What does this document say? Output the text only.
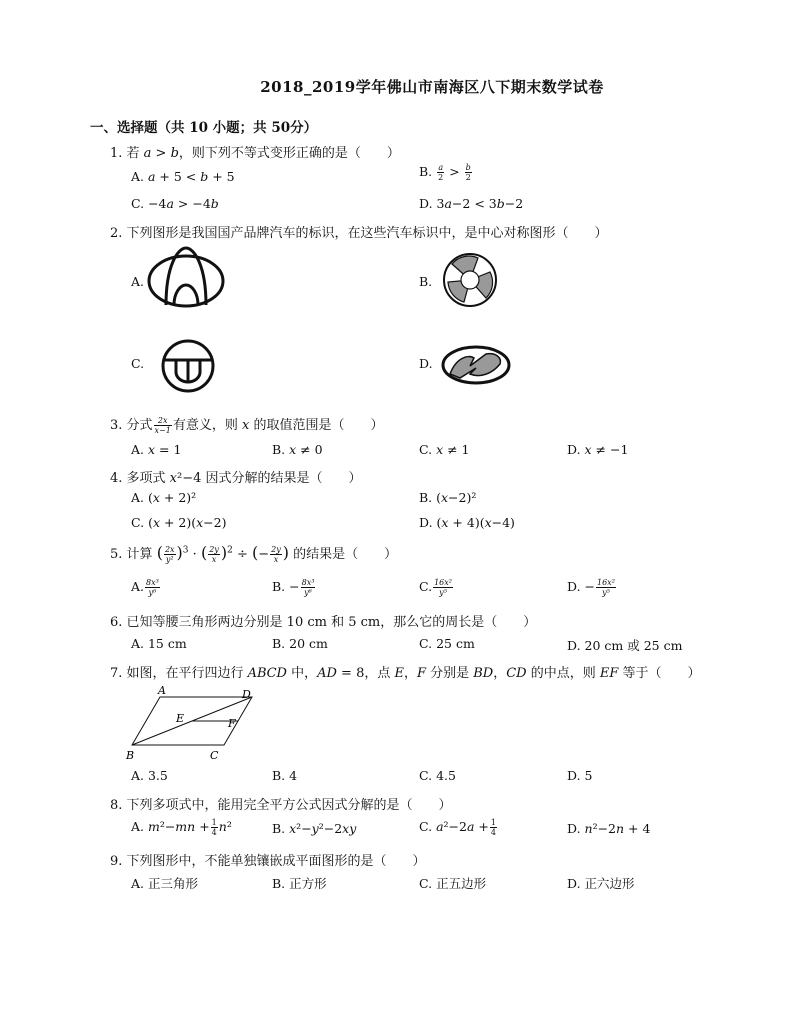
2018_2019学年佛山市南海区八下期末数学试卷
一、选择题（共 10 小题；共 50分）
1. 若 𝑎 > 𝑏，则下列不等式变形正确的是（　　）
A. 𝑎 + 5 < 𝑏 + 5	B. $\frac{\text{𝑎}}{2} > \frac{\text{𝑏}}{2}$
C. −4𝑎 > −4𝑏	D. 3𝑎−2 < 3𝑏−2
2. 下列图形是我国国产品牌汽车的标识，在这些汽车标识中，是中心对称图形（　　）
A.	B.
C.	D.
3. 分式 $\frac{\text{2𝑥}}{\text{𝑥−1}}$ 有意义，则 𝑥 的取值范围是（　　）
A. 𝑥 = 1	B. 𝑥 ≠ 0	C. 𝑥 ≠ 1	D. 𝑥 ≠ −1
4. 多项式 𝑥²−4 因式分解的结果是（　　）
A. (𝑥 + 2)²	B. (𝑥−2)²
C. (𝑥 + 2)(𝑥−2)	D. (𝑥 + 4)(𝑥−4)
5. 计算 ( $\frac{\text{2𝑥}}{\text{𝑦²}} )^3$ · ( $\frac{\text{2𝑦}}{\text{𝑥}} )^2$ ÷ (− $\frac{\text{2𝑦}}{\text{𝑥}}$ ) 的结果是（　　）
A. $\frac{\text{8𝑥³}}{\text{𝑦⁶}}$	B. − $\frac{\text{8𝑥³}}{\text{𝑦⁶}}$	C. $\frac{\text{16𝑥²}}{\text{𝑦⁵}}$	D. − $\frac{\text{16𝑥²}}{\text{𝑦⁵}}$
6. 已知等腰三角形两边分别是 10 cm 和 5 cm，那么它的周长是（　　）
A. 15 cm	B. 20 cm	C. 25 cm	D. 20 cm 或 25 cm
7. 如图，在平行四边行 𝐴𝐵𝐶𝐷 中，𝐴𝐷 = 8，点 𝐸，𝐹 分别是 𝐵𝐷，𝐶𝐷 的中点，则 𝐸𝐹 等于（　　）
A	D
B	C
E	F
A. 3.5	B. 4	C. 4.5	D. 5
8. 下列多项式中，能用完全平方公式因式分解的是（　　）
A. 𝑚²−𝑚𝑛 + $\frac{1}{4}$ 𝑛²	B. 𝑥²−𝑦²−2𝑥𝑦	C. 𝑎²−2𝑎 + $\frac{1}{4}$	D. 𝑛²−2𝑛 + 4
9. 下列图形中，不能单独镶嵌成平面图形的是（　　）
A. 正三角形	B. 正方形	C. 正五边形	D. 正六边形
